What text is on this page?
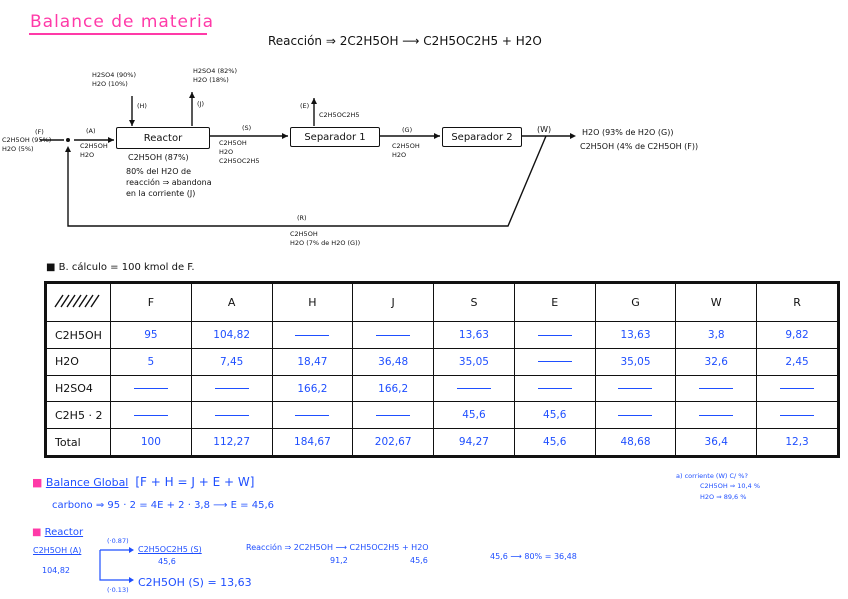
Balance de materia
Reacción ⇒ 2C2H5OH ⟶ C2H5OC2H5 + H2O
(F)
C2H5OH (95%)
H2O (5%)
(A)
C2H5OH
H2O
H2SO4 (90%)
H2O (10%)
(H)
H2SO4 (82%)
H2O (18%)
(J)
Reactor
C2H5OH (87%)
80% del H2O de
reacción ⇒ abandona
en la corriente (J)
(S)
C2H5OH
H2O
C2H5OC2H5
(E)
C2H5OC2H5
Separador 1
(G)
C2H5OH
H2O
Separador 2
(W)	H2O (93% de H2O (G))
C2H5OH (4% de C2H5OH (F))
(R)
C2H5OH
H2O (7% de H2O (G))
■ B. cálculo = 100 kmol de F.
	F	A	H	J	S	E	G	W	R
C2H5OH	95	104,82			13,63		13,63	3,8	9,82
H2O	5	7,45	18,47	36,48	35,05		35,05	32,6	2,45
H2SO4			166,2	166,2					
C2H5 · 2					45,6	45,6			
Total	100	112,27	184,67	202,67	94,27	45,6	48,68	36,4	12,3
■ Balance Global [F + H = J + E + W]
carbono ⇒ 95 · 2 = 4E + 2 · 3,8 ⟶ E = 45,6
a) corriente (W) C/ %?
C2H5OH ⇒ 10,4 %
H2O ⇒ 89,6 %
■ Reactor
C2H5OH (A)
104,82
(·0.87)
(·0.13)
C2H5OC2H5 (S)
45,6
Reacción ⇒ 2C2H5OH ⟶ C2H5OC2H5 + H2O
91,2	45,6	45,6 ⟶ 80% = 36,48
C2H5OH (S) = 13,63
